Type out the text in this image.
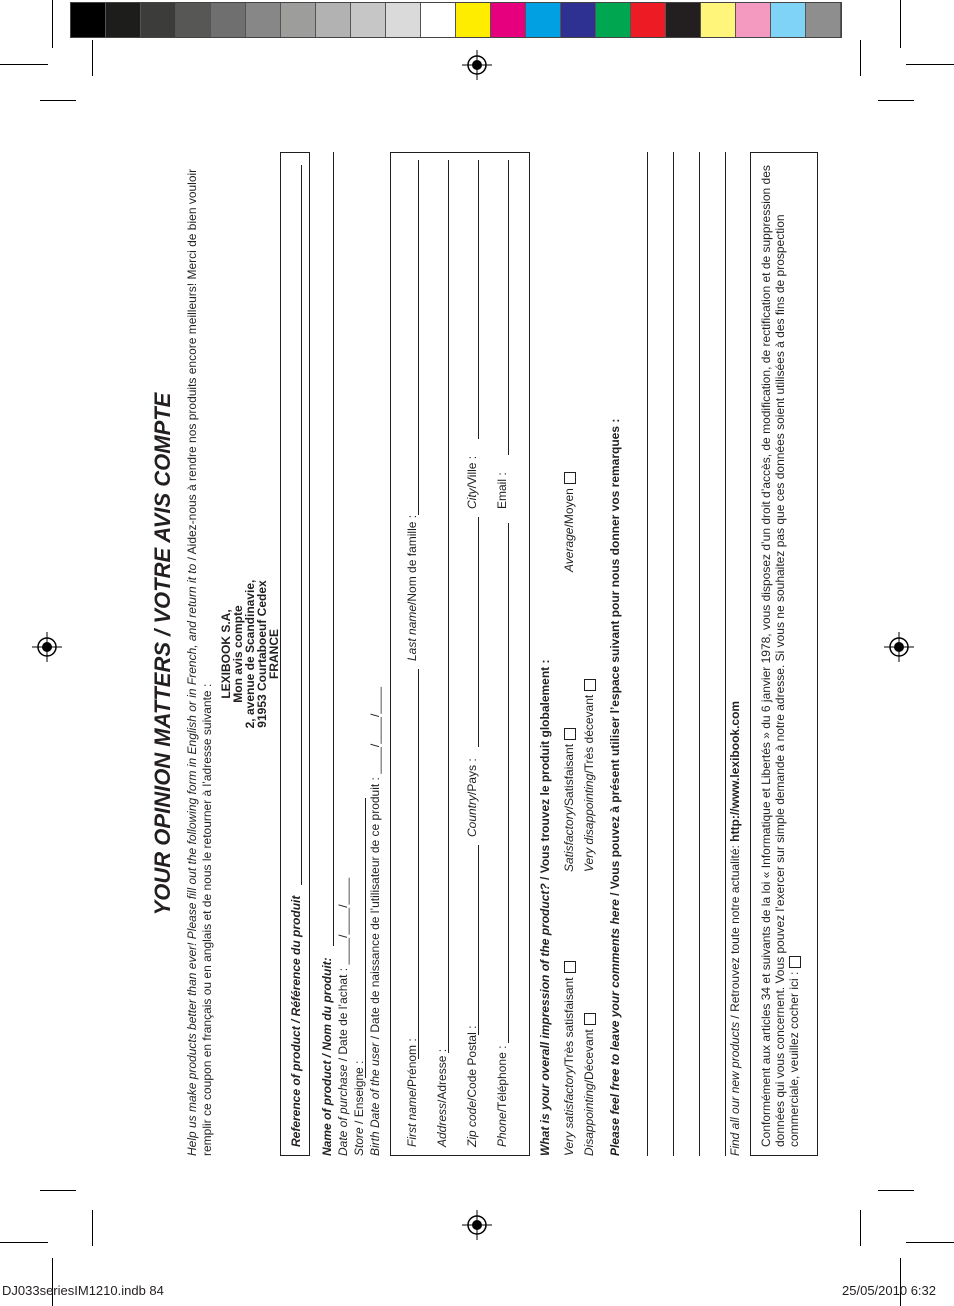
YOUR OPINION MATTERS / VOTRE AVIS COMPTE Help us make products better than ever! Please fill out the following form in English or in French, and return it to / Aidez-nous à rendre nos produits encore meilleurs! Merci de bien vouloir remplir ce coupon en français ou en anglais et de nous le retourner à l’adresse suivante :
LEXIBOOK S.A,
Mon avis compte
2, avenue de Scandinavie,
91953 Courtaboeuf Cedex
FRANCE
Reference of product / Référence du produit Name of product / Nom du produit: Date of purchase / Date de l’achat : ____/____/____
Store / Enseigne : Birth Date of the user / Date de naissance de l’utilisateur de ce produit : ____/____/____
First name/Prénom :
Last name/Nom de famille :
Address/Adresse :
Zip code/Code Postal :
Country/Pays :
City/Ville :
Phone/Téléphone :
Email :
What is your overall impression of the product? / Vous trouvez le produit globalement :
Very satisfactory/Très satisfaisant
Satisfactory/Satisfaisant
Average/Moyen
Disappointing/Décevant
Very disappointing/Très décevant
Please feel free to leave your comments here / Vous pouvez à présent utiliser l’espace suivant pour nous donner vos remarques :
Find all our new products / Retrouvez toute notre actualité: http://www.lexibook.com	Conformément aux articles 34 et suivants de la loi « Informatique et Libertés » du 6 janvier 1978, vous disposez d’un droit d’accès, de modification, de rectification et de suppression des données qui vous concernent. Vous pouvez l’exercer sur simple demande à notre adresse. Si vous ne souhaitez pas que ces données soient utilisées à des fins de prospection commerciale, veuillez cocher ici :
DJ033seriesIM1210.indb 84	25/05/2010 6:32
